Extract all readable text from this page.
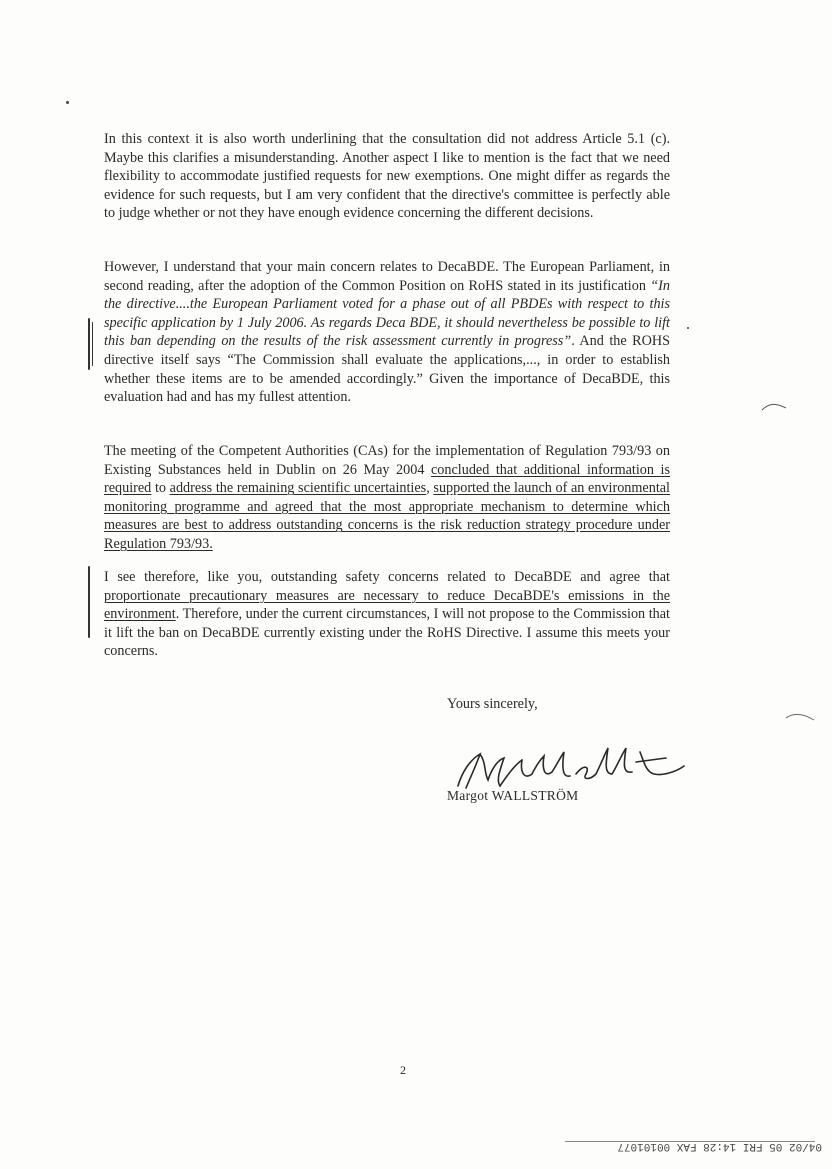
In this context it is also worth underlining that the consultation did not address Article 5.1 (c). Maybe this clarifies a misunderstanding. Another aspect I like to mention is the fact that we need flexibility to accommodate justified requests for new exemptions. One might differ as regards the evidence for such requests, but I am very confident that the directive's committee is perfectly able to judge whether or not they have enough evidence concerning the different decisions.

However, I understand that your main concern relates to DecaBDE. The European Parliament, in second reading, after the adoption of the Common Position on RoHS stated in its justification “In the directive....the European Parliament voted for a phase out of all PBDEs with respect to this specific application by 1 July 2006. As regards Deca BDE, it should nevertheless be possible to lift this ban depending on the results of the risk assessment currently in progress”. And the ROHS directive itself says “The Commission shall evaluate the applications,..., in order to establish whether these items are to be amended accordingly.” Given the importance of DecaBDE, this evaluation had and has my fullest attention.

The meeting of the Competent Authorities (CAs) for the implementation of Regulation 793/93 on Existing Substances held in Dublin on 26 May 2004 concluded that additional information is required to address the remaining scientific uncertainties, supported the launch of an environmental monitoring programme and agreed that the most appropriate mechanism to determine which measures are best to address outstanding concerns is the risk reduction strategy procedure under Regulation 793/93.

I see therefore, like you, outstanding safety concerns related to DecaBDE and agree that proportionate precautionary measures are necessary to reduce DecaBDE's emissions in the environment. Therefore, under the current circumstances, I will not propose to the Commission that it lift the ban on DecaBDE currently existing under the RoHS Directive. I assume this meets your concerns.

Yours sincerely,

Margot WALLSTRÖM

2

04/02 05 FRI 14:28 FAX 00101077
